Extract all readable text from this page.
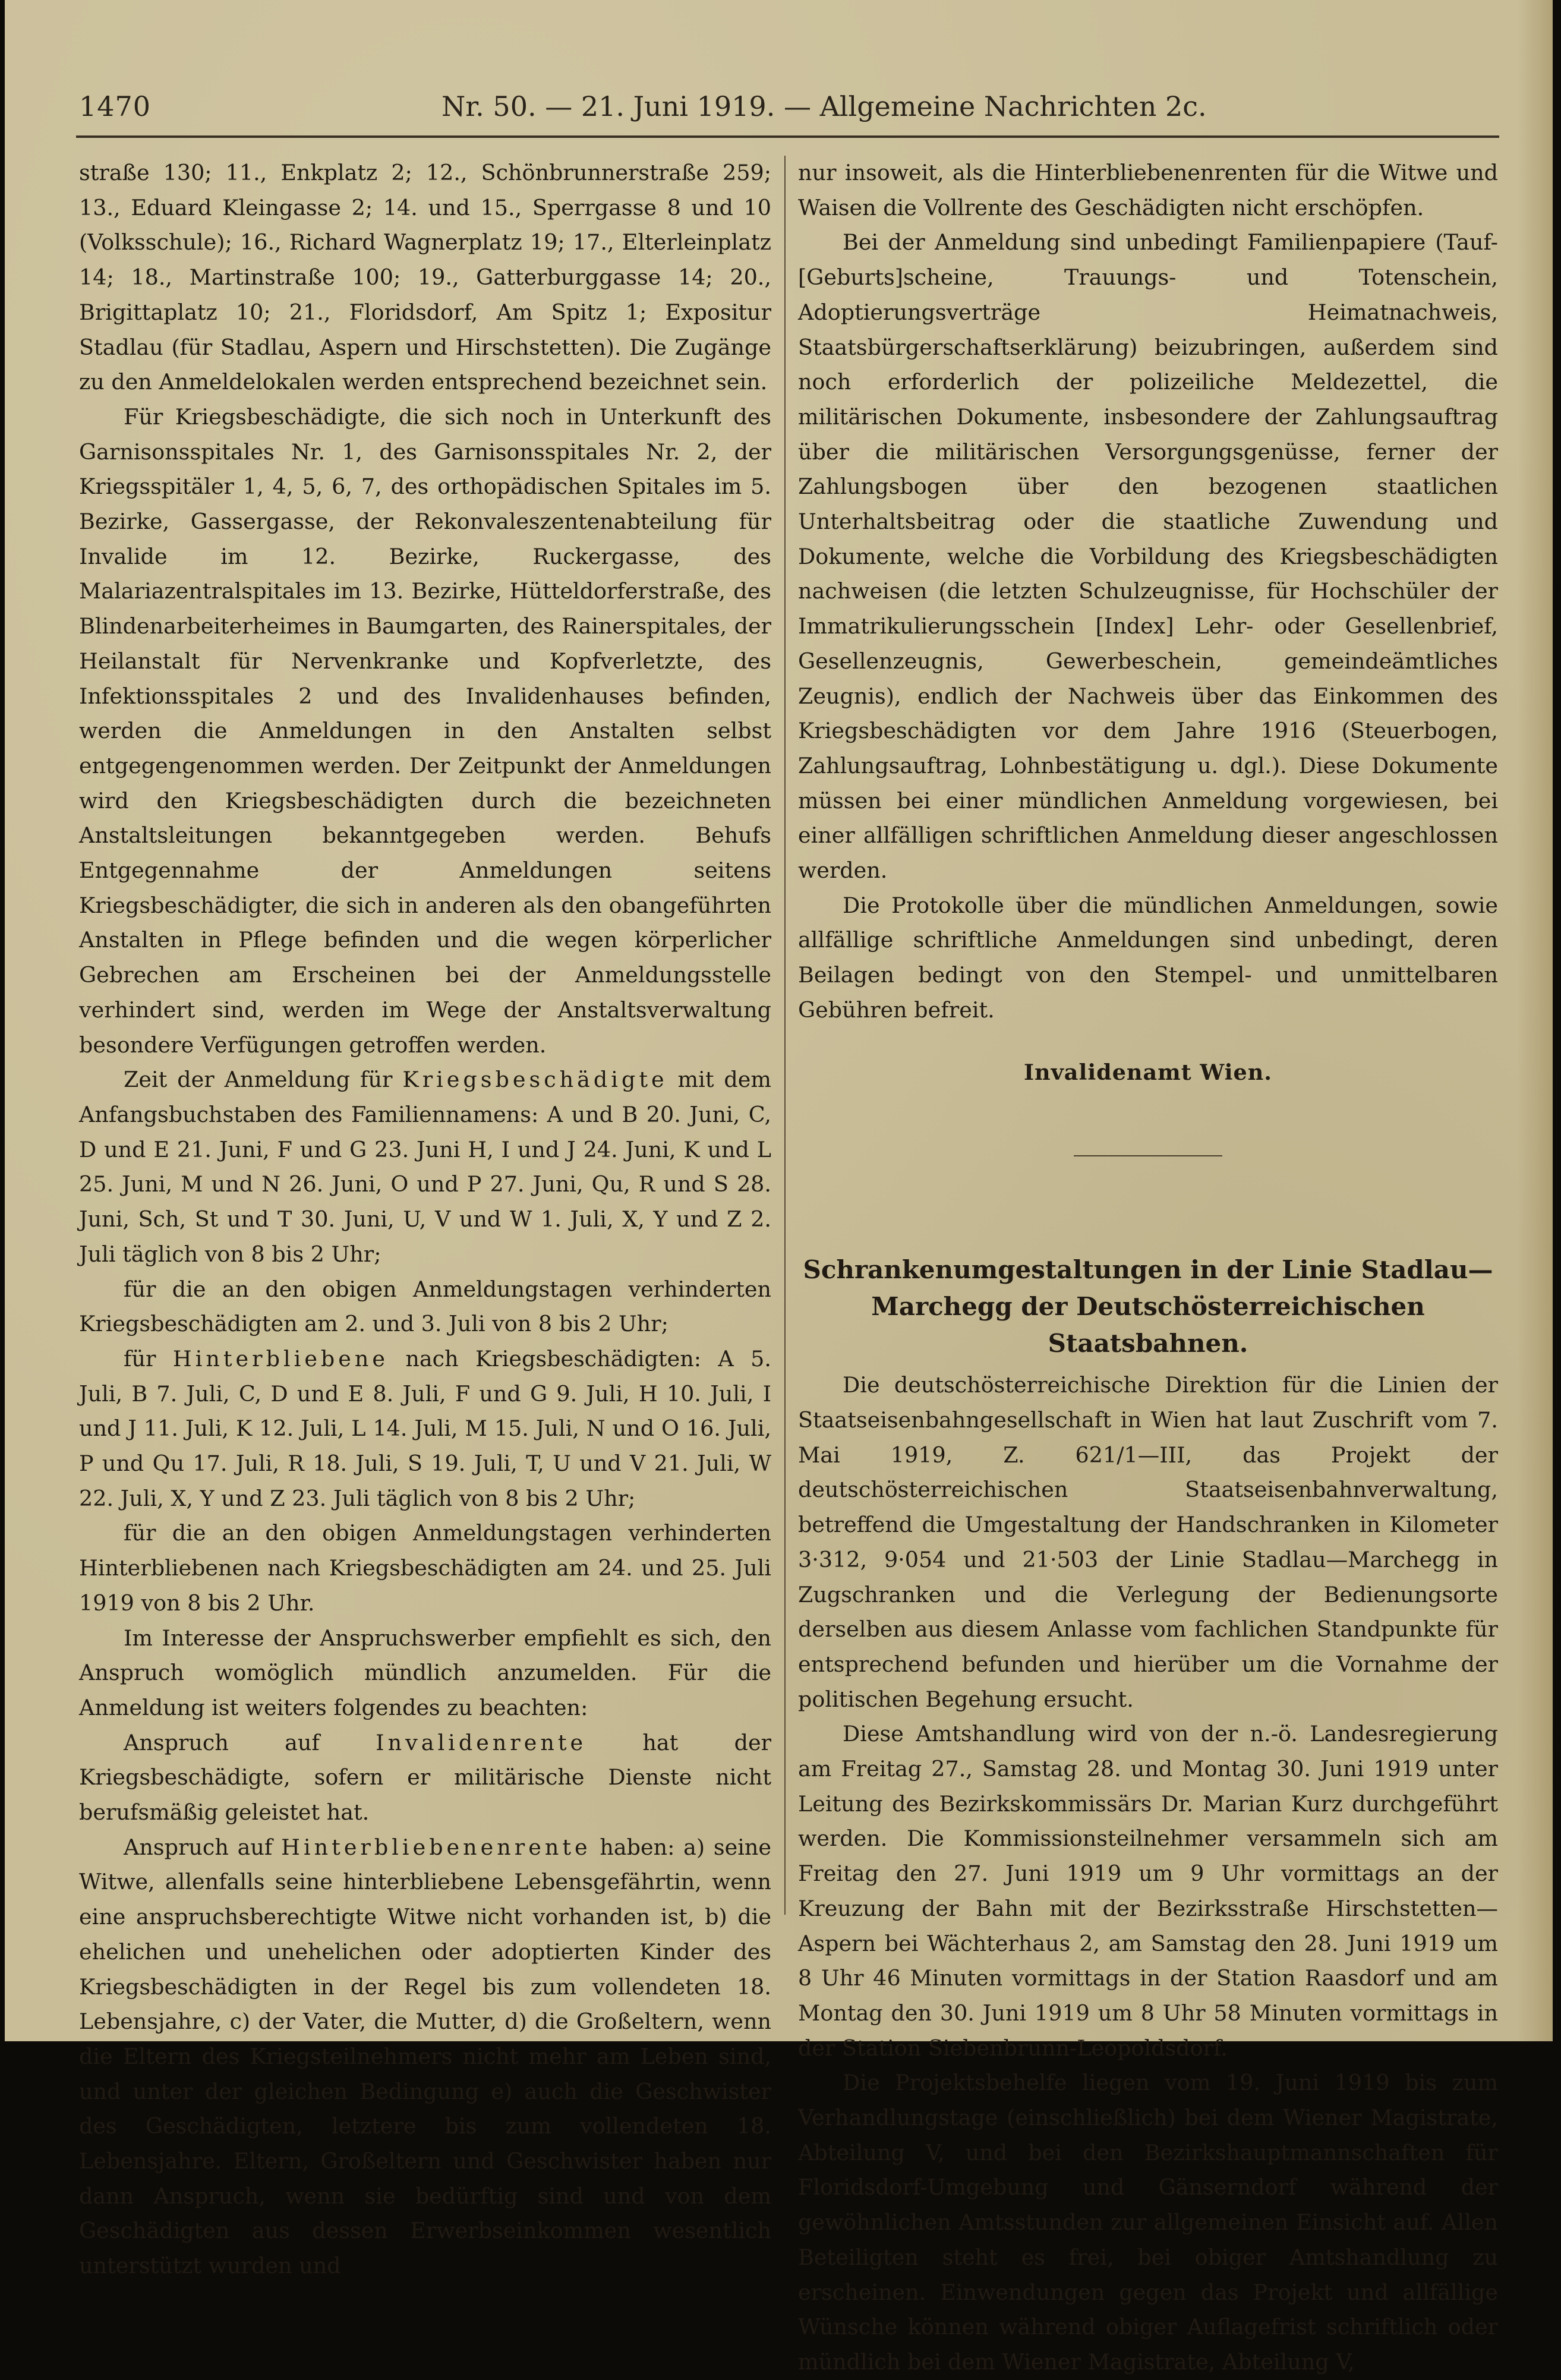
1470	Nr. 50. — 21. Juni 1919. — Allgemeine Nachrichten 2c.

straße 130; 11., Enkplatz 2; 12., Schönbrunnerstraße 259; 13., Eduard Kleingasse 2; 14. und 15., Sperrgasse 8 und 10 (Volksschule); 16., Richard Wagnerplatz 19; 17., Elterleinplatz 14; 18., Martinstraße 100; 19., Gatterburggasse 14; 20., Brigittaplatz 10; 21., Floridsdorf, Am Spitz 1; Expositur Stadlau (für Stadlau, Aspern und Hirschstetten). Die Zugänge zu den Anmeldelokalen werden entsprechend bezeichnet sein.

Für Kriegsbeschädigte, die sich noch in Unterkunft des Garnisonsspitales Nr. 1, des Garnisonsspitales Nr. 2, der Kriegsspitäler 1, 4, 5, 6, 7, des orthopädischen Spitales im 5. Bezirke, Gassergasse, der Rekonvaleszentenabteilung für Invalide im 12. Bezirke, Ruckergasse, des Malariazentralspitales im 13. Bezirke, Hütteldorferstraße, des Blindenarbeiterheimes in Baumgarten, des Rainerspitales, der Heilanstalt für Nervenkranke und Kopfverletzte, des Infektionsspitales 2 und des Invalidenhauses befinden, werden die Anmeldungen in den Anstalten selbst entgegengenommen werden. Der Zeitpunkt der Anmeldungen wird den Kriegsbeschädigten durch die bezeichneten Anstaltsleitungen bekanntgegeben werden. Behufs Entgegennahme der Anmeldungen seitens Kriegsbeschädigter, die sich in anderen als den obangeführten Anstalten in Pflege befinden und die wegen körperlicher Gebrechen am Erscheinen bei der Anmeldungsstelle verhindert sind, werden im Wege der Anstaltsverwaltung besondere Verfügungen getroffen werden.

Zeit der Anmeldung für Kriegsbeschädigte mit dem Anfangsbuchstaben des Familiennamens: A und B 20. Juni, C, D und E 21. Juni, F und G 23. Juni H, I und J 24. Juni, K und L 25. Juni, M und N 26. Juni, O und P 27. Juni, Qu, R und S 28. Juni, Sch, St und T 30. Juni, U, V und W 1. Juli, X, Y und Z 2. Juli täglich von 8 bis 2 Uhr;

für die an den obigen Anmeldungstagen verhinderten Kriegsbeschädigten am 2. und 3. Juli von 8 bis 2 Uhr;

für Hinterbliebene nach Kriegsbeschädigten: A 5. Juli, B 7. Juli, C, D und E 8. Juli, F und G 9. Juli, H 10. Juli, I und J 11. Juli, K 12. Juli, L 14. Juli, M 15. Juli, N und O 16. Juli, P und Qu 17. Juli, R 18. Juli, S 19. Juli, T, U und V 21. Juli, W 22. Juli, X, Y und Z 23. Juli täglich von 8 bis 2 Uhr;

für die an den obigen Anmeldungstagen verhinderten Hinterbliebenen nach Kriegsbeschädigten am 24. und 25. Juli 1919 von 8 bis 2 Uhr.

Im Interesse der Anspruchswerber empfiehlt es sich, den Anspruch womöglich mündlich anzumelden. Für die Anmeldung ist weiters folgendes zu beachten:

Anspruch auf	Invalidenrente	hat der Kriegsbeschädigte, sofern er militärische Dienste nicht berufsmäßig geleistet hat.

Anspruch auf Hinterbliebenenrente haben: a) seine Witwe, allenfalls seine hinterbliebene Lebensgefährtin, wenn eine anspruchsberechtigte Witwe nicht vorhanden ist, b) die ehelichen und unehelichen oder adoptierten Kinder des Kriegsbeschädigten in der Regel bis zum vollendeten 18. Lebensjahre, c) der Vater, die Mutter, d) die Großeltern, wenn die Eltern des Kriegsteilnehmers nicht mehr am Leben sind, und unter der gleichen Bedingung e) auch die Geschwister des Geschädigten, letztere bis zum vollendeten 18. Lebensjahre. Eltern, Großeltern und Geschwister haben nur dann Anspruch, wenn sie bedürftig sind und von dem Geschädigten aus dessen Erwerbseinkommen wesentlich unterstützt wurden und

nur insoweit, als die Hinterbliebenenrenten für die Witwe und Waisen die Vollrente des Geschädigten nicht erschöpfen.

Bei der Anmeldung sind unbedingt Familienpapiere (Tauf-[Geburts]scheine, Trauungs- und Totenschein, Adoptierungsverträge Heimatnachweis, Staatsbürgerschaftserklärung) beizubringen, außerdem sind noch erforderlich der polizeiliche Meldezettel, die militärischen Dokumente, insbesondere der Zahlungsauftrag über die militärischen Versorgungsgenüsse, ferner der Zahlungsbogen über den bezogenen staatlichen Unterhaltsbeitrag oder die staatliche Zuwendung und Dokumente, welche die Vorbildung des Kriegsbeschädigten nachweisen (die letzten Schulzeugnisse, für Hochschüler der Immatrikulierungsschein [Index] Lehr- oder Gesellenbrief, Gesellenzeugnis, Gewerbeschein, gemeindeämtliches Zeugnis), endlich der Nachweis über das Einkommen des Kriegsbeschädigten vor dem Jahre 1916 (Steuerbogen, Zahlungsauftrag, Lohnbestätigung u. dgl.). Diese Dokumente müssen bei einer mündlichen Anmeldung vorgewiesen, bei einer allfälligen schriftlichen Anmeldung dieser angeschlossen werden.

Die Protokolle über die mündlichen Anmeldungen, sowie allfällige schriftliche Anmeldungen sind unbedingt, deren Beilagen bedingt von den Stempel- und unmittelbaren Gebühren befreit.

Invalidenamt Wien.

Schrankenumgestaltungen in der Linie Stadlau—
Marchegg der Deutschösterreichischen Staatsbahnen.

Die deutschösterreichische Direktion für die Linien der Staatseisenbahngesellschaft in Wien hat laut Zuschrift vom 7. Mai 1919, Z. 621/1—III, das Projekt der deutschösterreichischen Staatseisenbahnverwaltung, betreffend die Umgestaltung der Handschranken in Kilometer 3·312, 9·054 und 21·503 der Linie Stadlau—Marchegg in Zugschranken und die Verlegung der Bedienungsorte derselben aus diesem Anlasse vom fachlichen Standpunkte für entsprechend befunden und hierüber um die Vornahme der politischen Begehung ersucht.

Diese Amtshandlung wird von der n.-ö. Landesregierung am Freitag 27., Samstag 28. und Montag 30. Juni 1919 unter Leitung des Bezirkskommissärs Dr. Marian Kurz durchgeführt werden. Die Kommissionsteilnehmer versammeln sich am Freitag den 27. Juni 1919 um 9 Uhr vormittags an der Kreuzung der Bahn mit der Bezirksstraße Hirschstetten—Aspern bei Wächterhaus 2, am Samstag den 28. Juni 1919 um 8 Uhr 46 Minuten vormittags in der Station Raasdorf und am Montag den 30. Juni 1919 um 8 Uhr 58 Minuten vormittags in der Station Siebenbrunn-Leopoldsdorf.

Die Projektsbehelfe liegen vom 19. Juni 1919 bis zum Verhandlungstage (einschließlich) bei dem Wiener Magistrate, Abteilung V, und bei den Bezirkshauptmannschaften für Floridsdorf-Umgebung und Gänserndorf während der gewöhnlichen Amtsstunden zur allgemeinen Einsicht auf. Allen Beteiligten steht es frei, bei obiger Amtshandlung zu erscheinen. Einwendungen gegen das Projekt und allfällige Wünsche können während obiger Auflagefrist schriftlich oder mündlich bei dem Wiener Magistrate, Abteilung V,
